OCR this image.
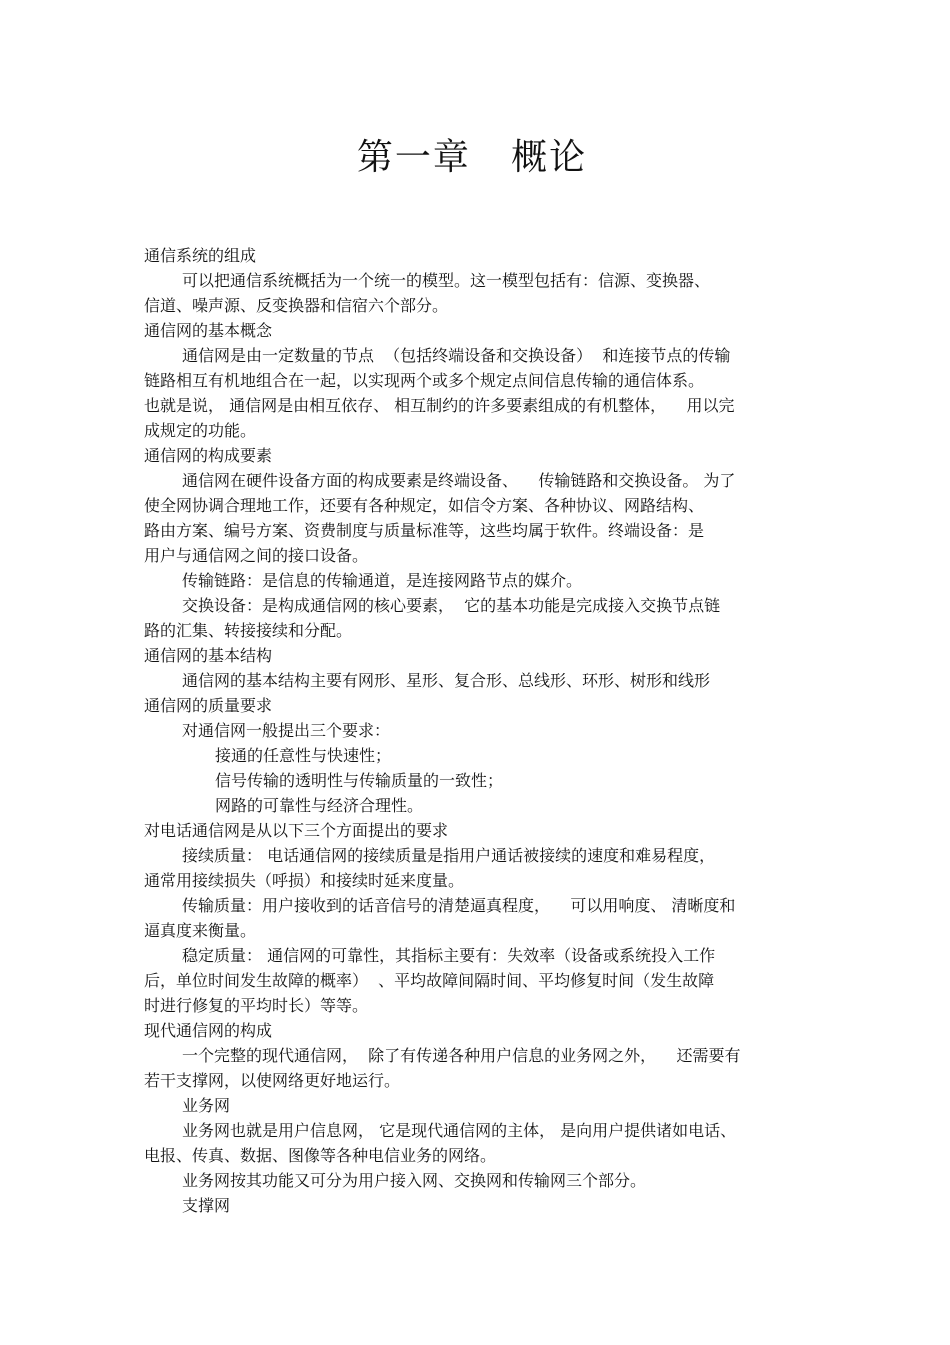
第一章   概论
通信系统的组成
可以把通信系统概括为一个统一的模型。这一模型包括有：信源、变换器、
信道、噪声源、反变换器和信宿六个部分。
通信网的基本概念
通信网是由一定数量的节点  （包括终端设备和交换设备）  和连接节点的传输
链路相互有机地组合在一起，以实现两个或多个规定点间信息传输的通信体系。
也就是说， 通信网是由相互依存、 相互制约的许多要素组成的有机整体，    用以完
成规定的功能。
通信网的构成要素
通信网在硬件设备方面的构成要素是终端设备、    传输链路和交换设备。 为了
使全网协调合理地工作，还要有各种规定，如信令方案、各种协议、网路结构、
路由方案、编号方案、资费制度与质量标准等，这些均属于软件。终端设备：是
用户与通信网之间的接口设备。
传输链路：是信息的传输通道，是连接网路节点的媒介。
交换设备：是构成通信网的核心要素，  它的基本功能是完成接入交换节点链
路的汇集、转接接续和分配。
通信网的基本结构
通信网的基本结构主要有网形、星形、复合形、总线形、环形、树形和线形
通信网的质量要求
对通信网一般提出三个要求：
接通的任意性与快速性；
信号传输的透明性与传输质量的一致性；
网路的可靠性与经济合理性。
对电话通信网是从以下三个方面提出的要求
接续质量： 电话通信网的接续质量是指用户通话被接续的速度和难易程度，
通常用接续损失（呼损）和接续时延来度量。
传输质量：用户接收到的话音信号的清楚逼真程度，    可以用响度、 清晰度和
逼真度来衡量。
稳定质量： 通信网的可靠性，其指标主要有：失效率（设备或系统投入工作
后，单位时间发生故障的概率）  、平均故障间隔时间、平均修复时间（发生故障
时进行修复的平均时长）等等。
现代通信网的构成
一个完整的现代通信网，  除了有传递各种用户信息的业务网之外，    还需要有
若干支撑网，以使网络更好地运行。
业务网
业务网也就是用户信息网， 它是现代通信网的主体， 是向用户提供诸如电话、
电报、传真、数据、图像等各种电信业务的网络。
业务网按其功能又可分为用户接入网、交换网和传输网三个部分。
支撑网
